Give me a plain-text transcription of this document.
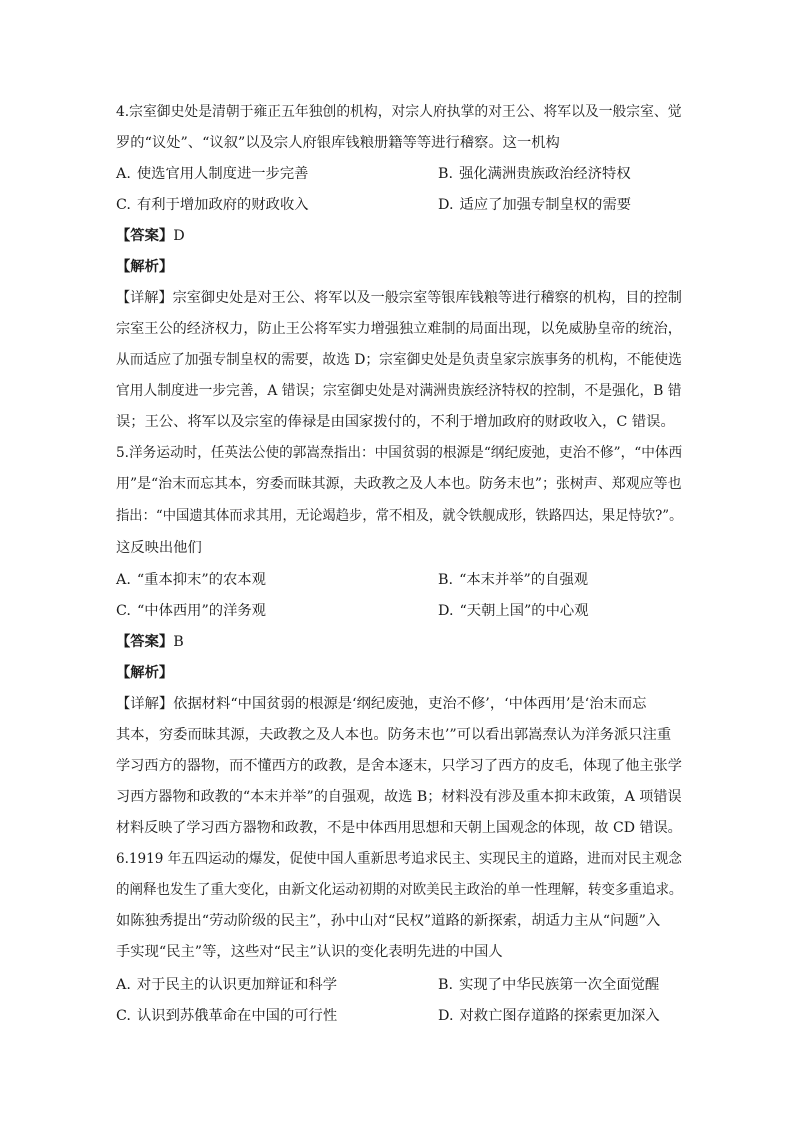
4.宗室御史处是清朝于雍正五年独创的机构，对宗人府执掌的对王公、将军以及一般宗室、觉
罗的“议处”、“议叙”以及宗人府银库钱粮册籍等等进行稽察。这一机构
A. 使选官用人制度进一步完善	B. 强化满洲贵族政治经济特权
C. 有利于增加政府的财政收入	D. 适应了加强专制皇权的需要
【答案】D
【解析】
【详解】宗室御史处是对王公、将军以及一般宗室等银库钱粮等进行稽察的机构，目的控制
宗室王公的经济权力，防止王公将军实力增强独立难制的局面出现，以免威胁皇帝的统治，
从而适应了加强专制皇权的需要，故选 D；宗室御史处是负责皇家宗族事务的机构，不能使选
官用人制度进一步完善，A 错误；宗室御史处是对满洲贵族经济特权的控制，不是强化，B 错
误；王公、将军以及宗室的俸禄是由国家拨付的，不利于增加政府的财政收入，C 错误。
5.洋务运动时，任英法公使的郭嵩焘指出：中国贫弱的根源是“纲纪废弛，吏治不修”，“中体西
用”是“治末而忘其本，穷委而昧其源，夫政教之及人本也。防务末也”；张树声、郑观应等也
指出：“中国遗其体而求其用，无论竭趋步，常不相及，就令铁舰成形，铁路四达，果足恃欤?”。
这反映出他们
A. “重本抑末”的农本观	B. “本末并举”的自强观
C. “中体西用”的洋务观	D. “天朝上国”的中心观
【答案】B
【解析】
【详解】依据材料“中国贫弱的根源是‘纲纪废弛，吏治不修’，‘中体西用’是‘治末而忘
其本，穷委而昧其源，夫政教之及人本也。防务末也’”可以看出郭嵩焘认为洋务派只注重
学习西方的器物，而不懂西方的政教，是舍本逐末，只学习了西方的皮毛，体现了他主张学
习西方器物和政教的“本末并举”的自强观，故选 B；材料没有涉及重本抑末政策，A 项错误
材料反映了学习西方器物和政教，不是中体西用思想和天朝上国观念的体现，故 CD 错误。
6.1919 年五四运动的爆发，促使中国人重新思考追求民主、实现民主的道路，进而对民主观念
的阐释也发生了重大变化，由新文化运动初期的对欧美民主政治的单一性理解，转变多重追求。
如陈独秀提出“劳动阶级的民主”，孙中山对“民权”道路的新探索，胡适力主从“问题”入
手实现“民主”等，这些对“民主”认识的变化表明先进的中国人
A. 对于民主的认识更加辩证和科学	B. 实现了中华民族第一次全面觉醒
C. 认识到苏俄革命在中国的可行性	D. 对救亡图存道路的探索更加深入
